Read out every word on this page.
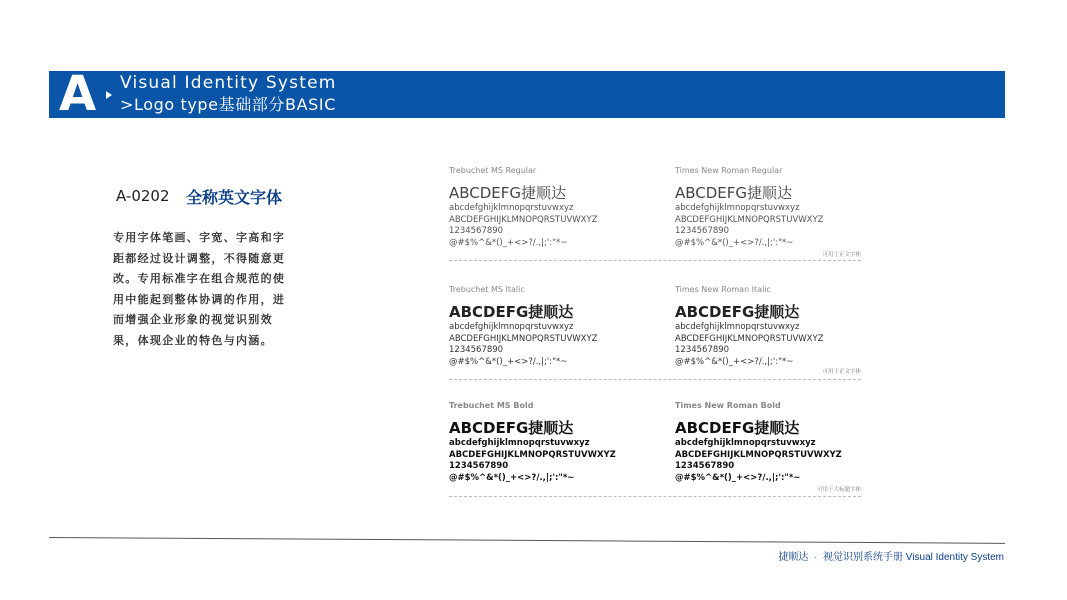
A Visual Identity System
>Logo type基础部分BASIC
A-0202 全称英文字体
专用字体笔画、字宽、字高和字距都经过设计调整，不得随意更改。专用标准字在组合规范的使用中能起到整体协调的作用，进而增强企业形象的视觉识别效果，体现企业的特色与内涵。
Trebuchet MS Regular
ABCDEFG捷顺达
abcdefghijklmnopqrstuvwxyz
ABCDEFGHIJKLMNOPQRSTUVWXYZ
1234567890
@#$%^&*()_+<>?/.,|;':"*~
Times New Roman Regular
ABCDEFG捷顺达
abcdefghijklmnopqrstuvwxyz
ABCDEFGHIJKLMNOPQRSTUVWXYZ
1234567890
@#$%^&*()_+<>?/.,|;':"*~
可用于正文字体
Trebuchet MS Italic
ABCDEFG捷顺达
abcdefghijklmnopqrstuvwxyz
ABCDEFGHIJKLMNOPQRSTUVWXYZ
1234567890
@#$%^&*()_+<>?/.,|;':"*~
Times New Roman Italic
ABCDEFG捷顺达
abcdefghijklmnopqrstuvwxyz
ABCDEFGHIJKLMNOPQRSTUVWXYZ
1234567890
@#$%^&*()_+<>?/.,|;':"*~
可用于正文字体
Trebuchet MS Bold
ABCDEFG捷顺达
abcdefghijklmnopqrstuvwxyz
ABCDEFGHIJKLMNOPQRSTUVWXYZ
1234567890
@#$%^&*()_+<>?/.,|;':"*~
Times New Roman Bold
ABCDEFG捷顺达
abcdefghijklmnopqrstuvwxyz
ABCDEFGHIJKLMNOPQRSTUVWXYZ
1234567890
@#$%^&*()_+<>?/.,|;':"*~
可用于大标题字体
捷顺达 · 视觉识别系统手册 Visual Identity System
